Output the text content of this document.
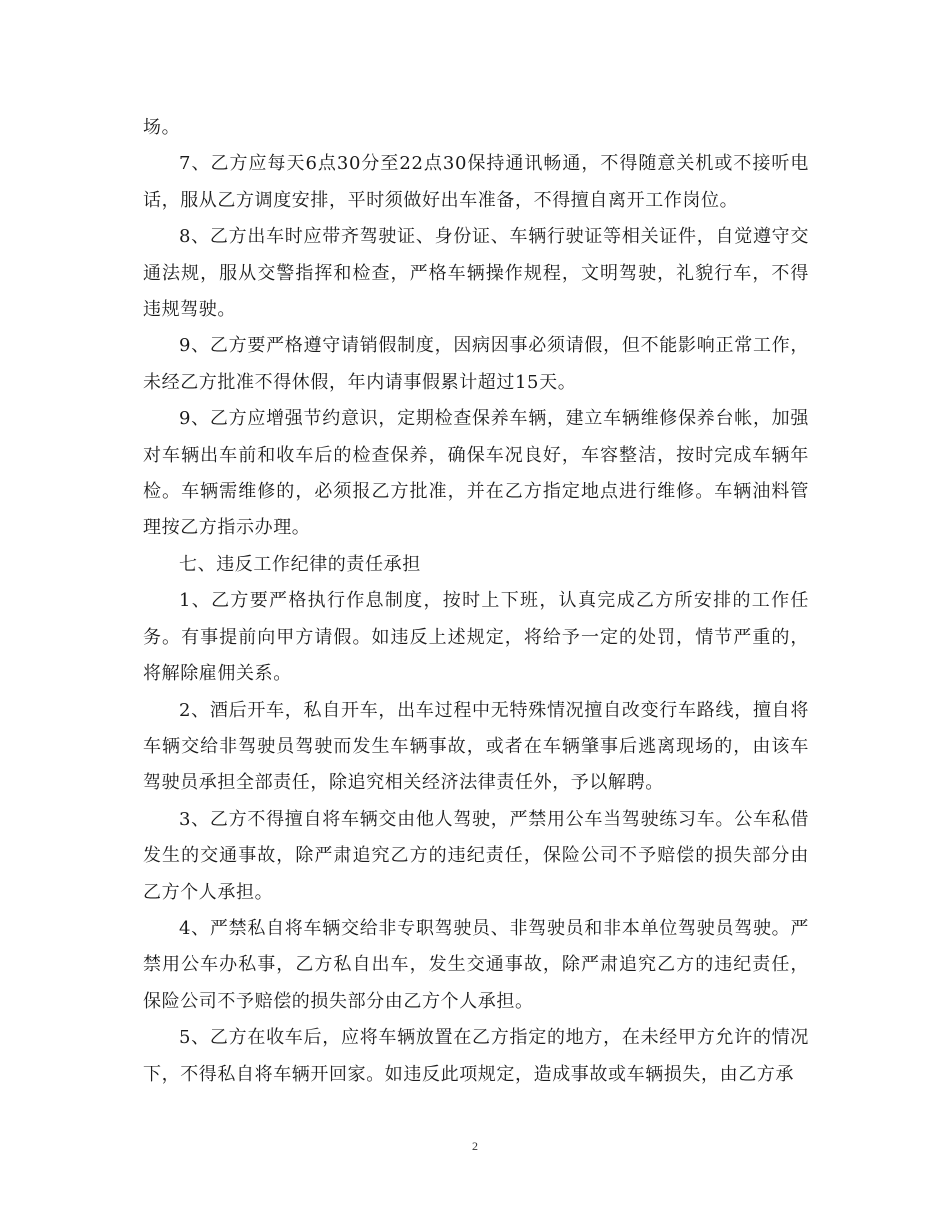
场。

7、乙方应每天6点30分至22点30保持通讯畅通，不得随意关机或不接听电话，服从乙方调度安排，平时须做好出车准备，不得擅自离开工作岗位。

8、乙方出车时应带齐驾驶证、身份证、车辆行驶证等相关证件，自觉遵守交通法规，服从交警指挥和检查，严格车辆操作规程，文明驾驶，礼貌行车，不得违规驾驶。

9、乙方要严格遵守请销假制度，因病因事必须请假，但不能影响正常工作，未经乙方批准不得休假，年内请事假累计超过15天。

9、乙方应增强节约意识，定期检查保养车辆，建立车辆维修保养台帐，加强对车辆出车前和收车后的检查保养，确保车况良好，车容整洁，按时完成车辆年检。车辆需维修的，必须报乙方批准，并在乙方指定地点进行维修。车辆油料管理按乙方指示办理。

七、违反工作纪律的责任承担

1、乙方要严格执行作息制度，按时上下班，认真完成乙方所安排的工作任务。有事提前向甲方请假。如违反上述规定，将给予一定的处罚，情节严重的，将解除雇佣关系。

2、酒后开车，私自开车，出车过程中无特殊情况擅自改变行车路线，擅自将车辆交给非驾驶员驾驶而发生车辆事故，或者在车辆肇事后逃离现场的，由该车驾驶员承担全部责任，除追究相关经济法律责任外，予以解聘。

3、乙方不得擅自将车辆交由他人驾驶，严禁用公车当驾驶练习车。公车私借发生的交通事故，除严肃追究乙方的违纪责任，保险公司不予赔偿的损失部分由乙方个人承担。

4、严禁私自将车辆交给非专职驾驶员、非驾驶员和非本单位驾驶员驾驶。严禁用公车办私事，乙方私自出车，发生交通事故，除严肃追究乙方的违纪责任，保险公司不予赔偿的损失部分由乙方个人承担。

5、乙方在收车后，应将车辆放置在乙方指定的地方，在未经甲方允许的情况下，不得私自将车辆开回家。如违反此项规定，造成事故或车辆损失，由乙方承

2
